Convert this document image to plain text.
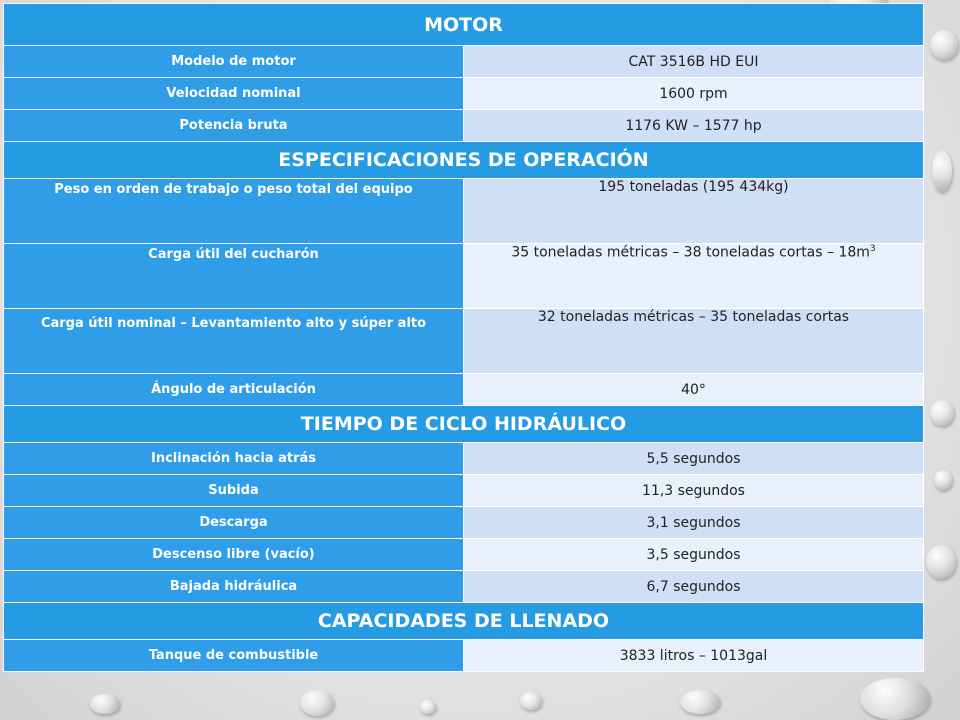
MOTOR	
Modelo de motor	CAT 3516B HD EUI
Velocidad nominal	1600 rpm
Potencia bruta	1176 KW – 1577 hp
ESPECIFICACIONES DE OPERACIÓN	
Peso en orden de trabajo o peso total del equipo	195 toneladas (195 434kg)
Carga útil del cucharón	35 toneladas métricas – 38 toneladas cortas – $18m^3$
Carga útil nominal – Levantamiento alto y súper alto	32 toneladas métricas – 35 toneladas cortas
Ángulo de articulación	40°
TIEMPO DE CICLO HIDRÁULICO	
Inclinación hacia atrás	5,5 segundos
Subida	11,3 segundos
Descarga	3,1 segundos
Descenso libre (vacío)	3,5 segundos
Bajada hidráulica	6,7 segundos
CAPACIDADES DE LLENADO	
Tanque de combustible	3833 litros – 1013gal
